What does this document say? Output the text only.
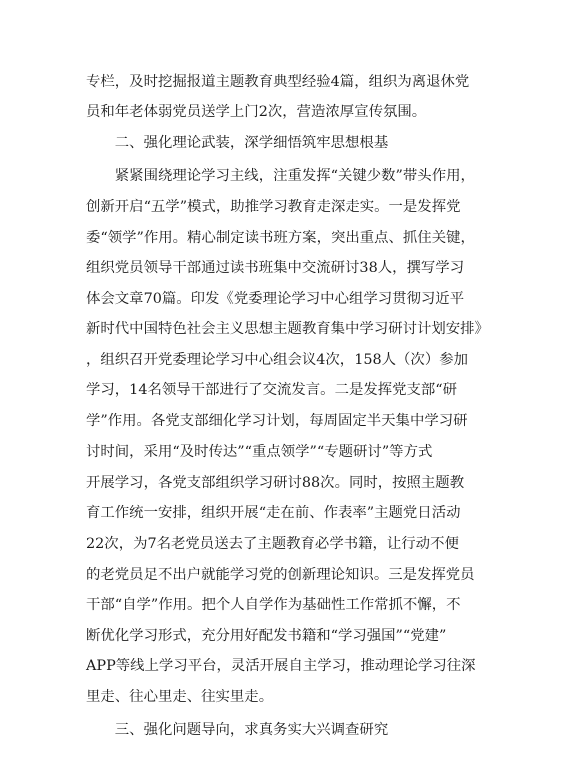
专栏，及时挖掘报道主题教育典型经验4篇，组织为离退休党
员和年老体弱党员送学上门2次，营造浓厚宣传氛围。
　　二、强化理论武装，深学细悟筑牢思想根基
　　紧紧围绕理论学习主线，注重发挥“关键少数”带头作用，
创新开启“五学”模式，助推学习教育走深走实。一是发挥党
委“领学”作用。精心制定读书班方案，突出重点、抓住关键，
组织党员领导干部通过读书班集中交流研讨38人，撰写学习
体会文章70篇。印发《党委理论学习中心组学习贯彻习近平
新时代中国特色社会主义思想主题教育集中学习研讨计划安排》
，组织召开党委理论学习中心组会议4次，158人（次）参加
学习，14名领导干部进行了交流发言。二是发挥党支部“研
学”作用。各党支部细化学习计划，每周固定半天集中学习研
讨时间，采用“及时传达”“重点领学”“专题研讨”等方式
开展学习，各党支部组织学习研讨88次。同时，按照主题教
育工作统一安排，组织开展“走在前、作表率”主题党日活动
22次，为7名老党员送去了主题教育必学书籍，让行动不便
的老党员足不出户就能学习党的创新理论知识。三是发挥党员
干部“自学”作用。把个人自学作为基础性工作常抓不懈，不
断优化学习形式，充分用好配发书籍和“学习强国”“党建”
APP等线上学习平台，灵活开展自主学习，推动理论学习往深
里走、往心里走、往实里走。
　　三、强化问题导向，求真务实大兴调查研究
